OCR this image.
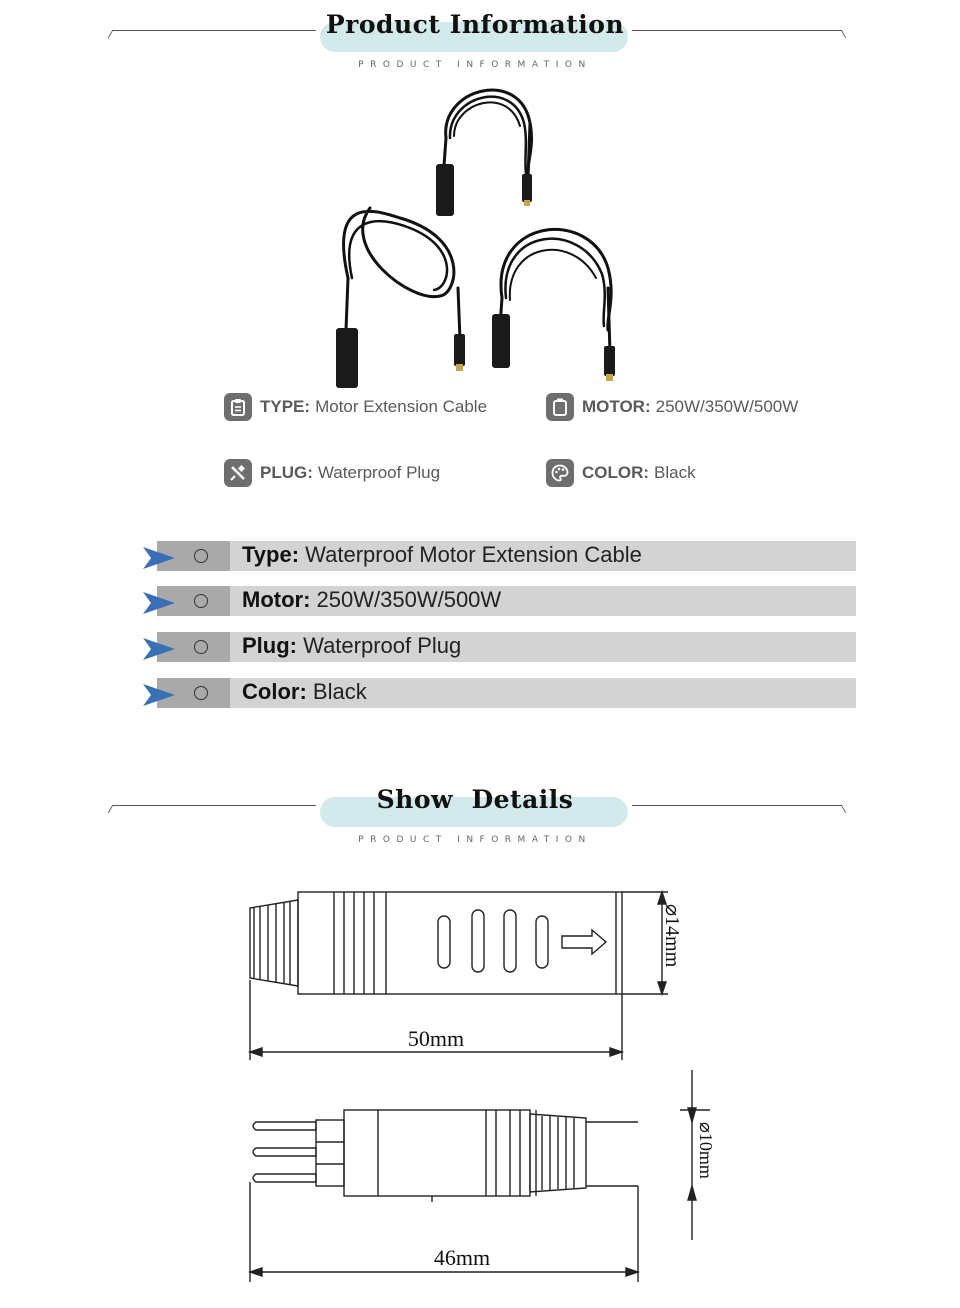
Product Information
PRODUCT INFORMATION
TYPE: Motor Extension Cable	MOTOR: 250W/350W/500W
PLUG: Waterproof Plug	COLOR: Black
Type: Waterproof Motor Extension Cable
Motor: 250W/350W/500W
Plug: Waterproof Plug
Color: Black
Show  Details
PRODUCT INFORMATION
50mm
⌀14mm
46mm
⌀10mm
